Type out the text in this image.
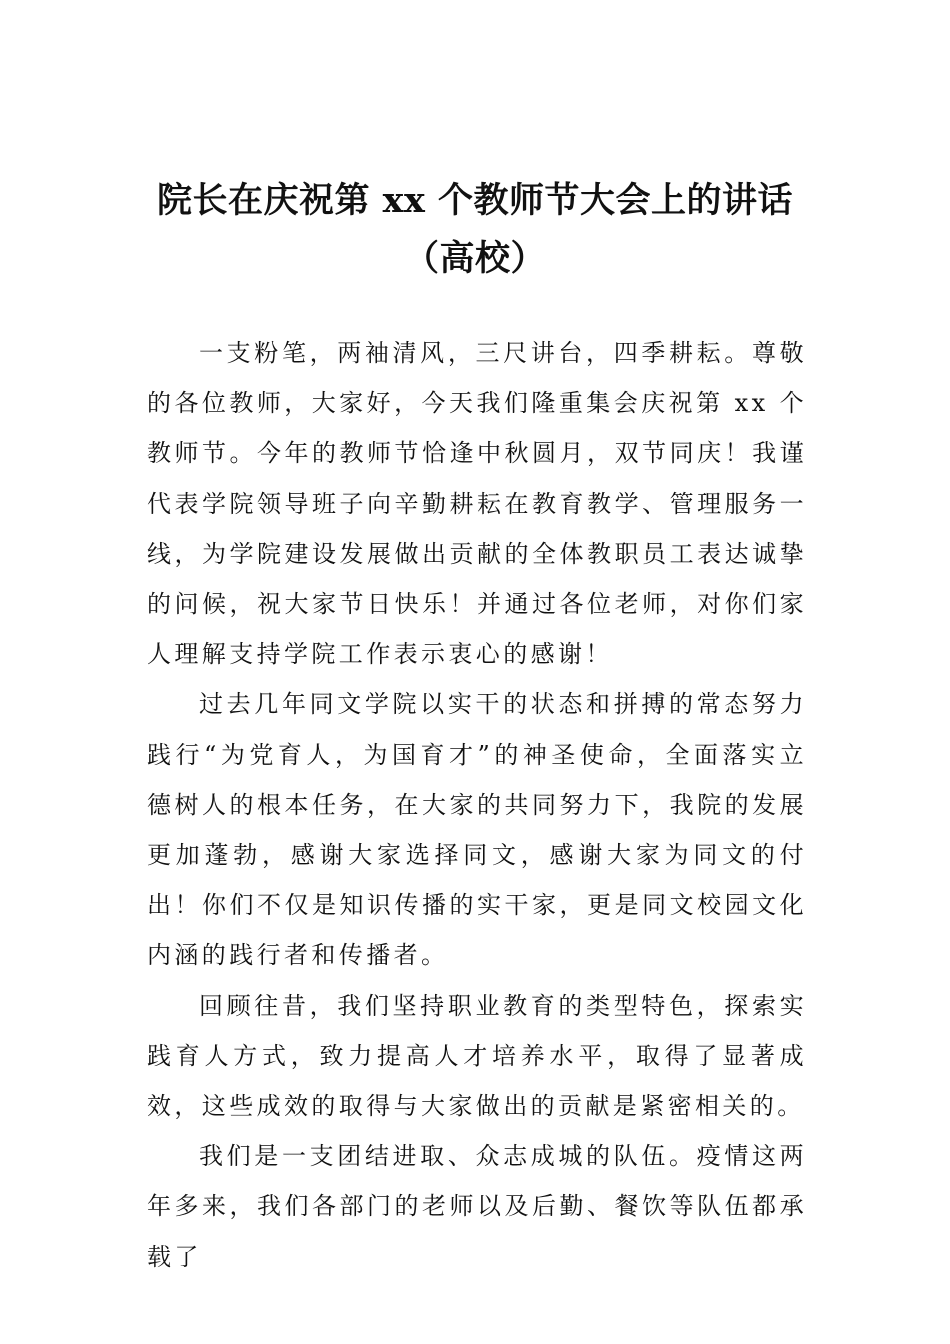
院长在庆祝第 xx 个教师节大会上的讲话
（高校）

一支粉笔，两袖清风，三尺讲台，四季耕耘。尊敬的各位教师，大家好，今天我们隆重集会庆祝第 xx 个教师节。今年的教师节恰逢中秋圆月，双节同庆！我谨代表学院领导班子向辛勤耕耘在教育教学、管理服务一线，为学院建设发展做出贡献的全体教职员工表达诚挚的问候，祝大家节日快乐！并通过各位老师，对你们家人理解支持学院工作表示衷心的感谢！

过去几年同文学院以实干的状态和拼搏的常态努力践行“为党育人，为国育才”的神圣使命，全面落实立德树人的根本任务，在大家的共同努力下，我院的发展更加蓬勃，感谢大家选择同文，感谢大家为同文的付出！你们不仅是知识传播的实干家，更是同文校园文化内涵的践行者和传播者。

回顾往昔，我们坚持职业教育的类型特色，探索实践育人方式，致力提高人才培养水平，取得了显著成效，这些成效的取得与大家做出的贡献是紧密相关的。

我们是一支团结进取、众志成城的队伍。疫情这两年多来，我们各部门的老师以及后勤、餐饮等队伍都承载了
